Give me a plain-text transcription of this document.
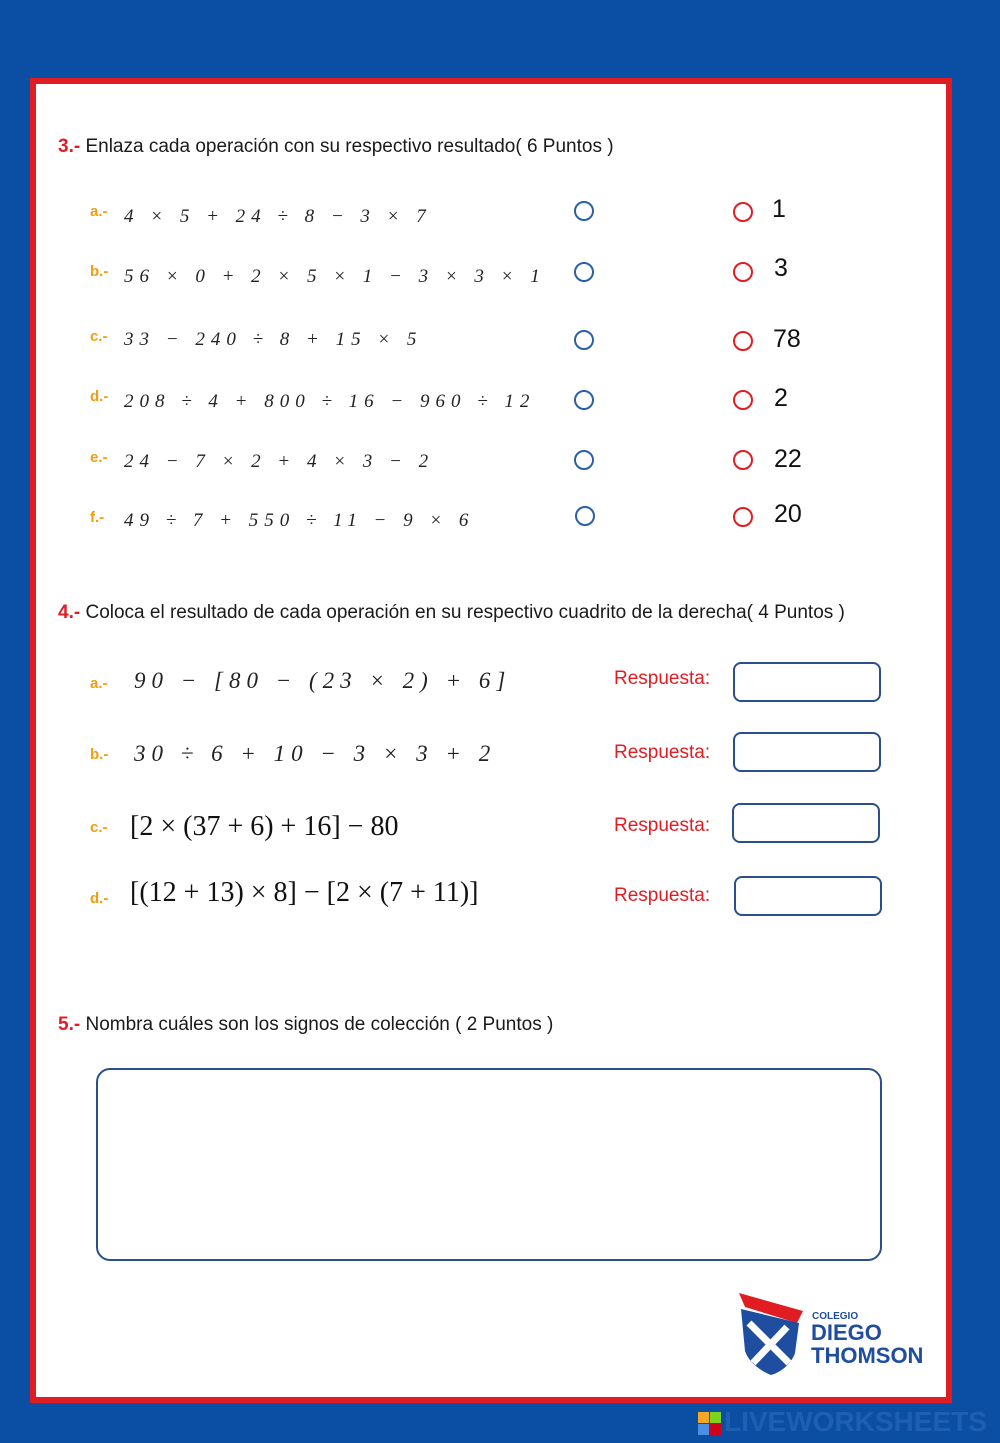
3.- Enlaza cada operación con su respectivo resultado( 6 Puntos )
a.- 4 × 5 + 24 ÷ 8 − 3 × 7	1
b.- 56 × 0 + 2 × 5 × 1 − 3 × 3 × 1	3
c.- 33 − 240 ÷ 8 + 15 × 5	78
d.- 208 ÷ 4 + 800 ÷ 16 − 960 ÷ 12	2
e.- 24 − 7 × 2 + 4 × 3 − 2	22
f.- 49 ÷ 7 + 550 ÷ 11 − 9 × 6	20
4.- Coloca el resultado de cada operación en su respectivo cuadrito de la derecha( 4 Puntos )
a.- 90 − [80 − (23 × 2) + 6]	Respuesta:
b.- 30 ÷ 6 + 10 − 3 × 3 + 2	Respuesta:
c.- [2 × (37 + 6) + 16] − 80	Respuesta:
d.- [(12 + 13) × 8] − [2 × (7 + 11)]	Respuesta:
5.- Nombra cuáles son los signos de colección ( 2 Puntos )
COLEGIO
DIEGO
THOMSON
LIVEWORKSHEETS
